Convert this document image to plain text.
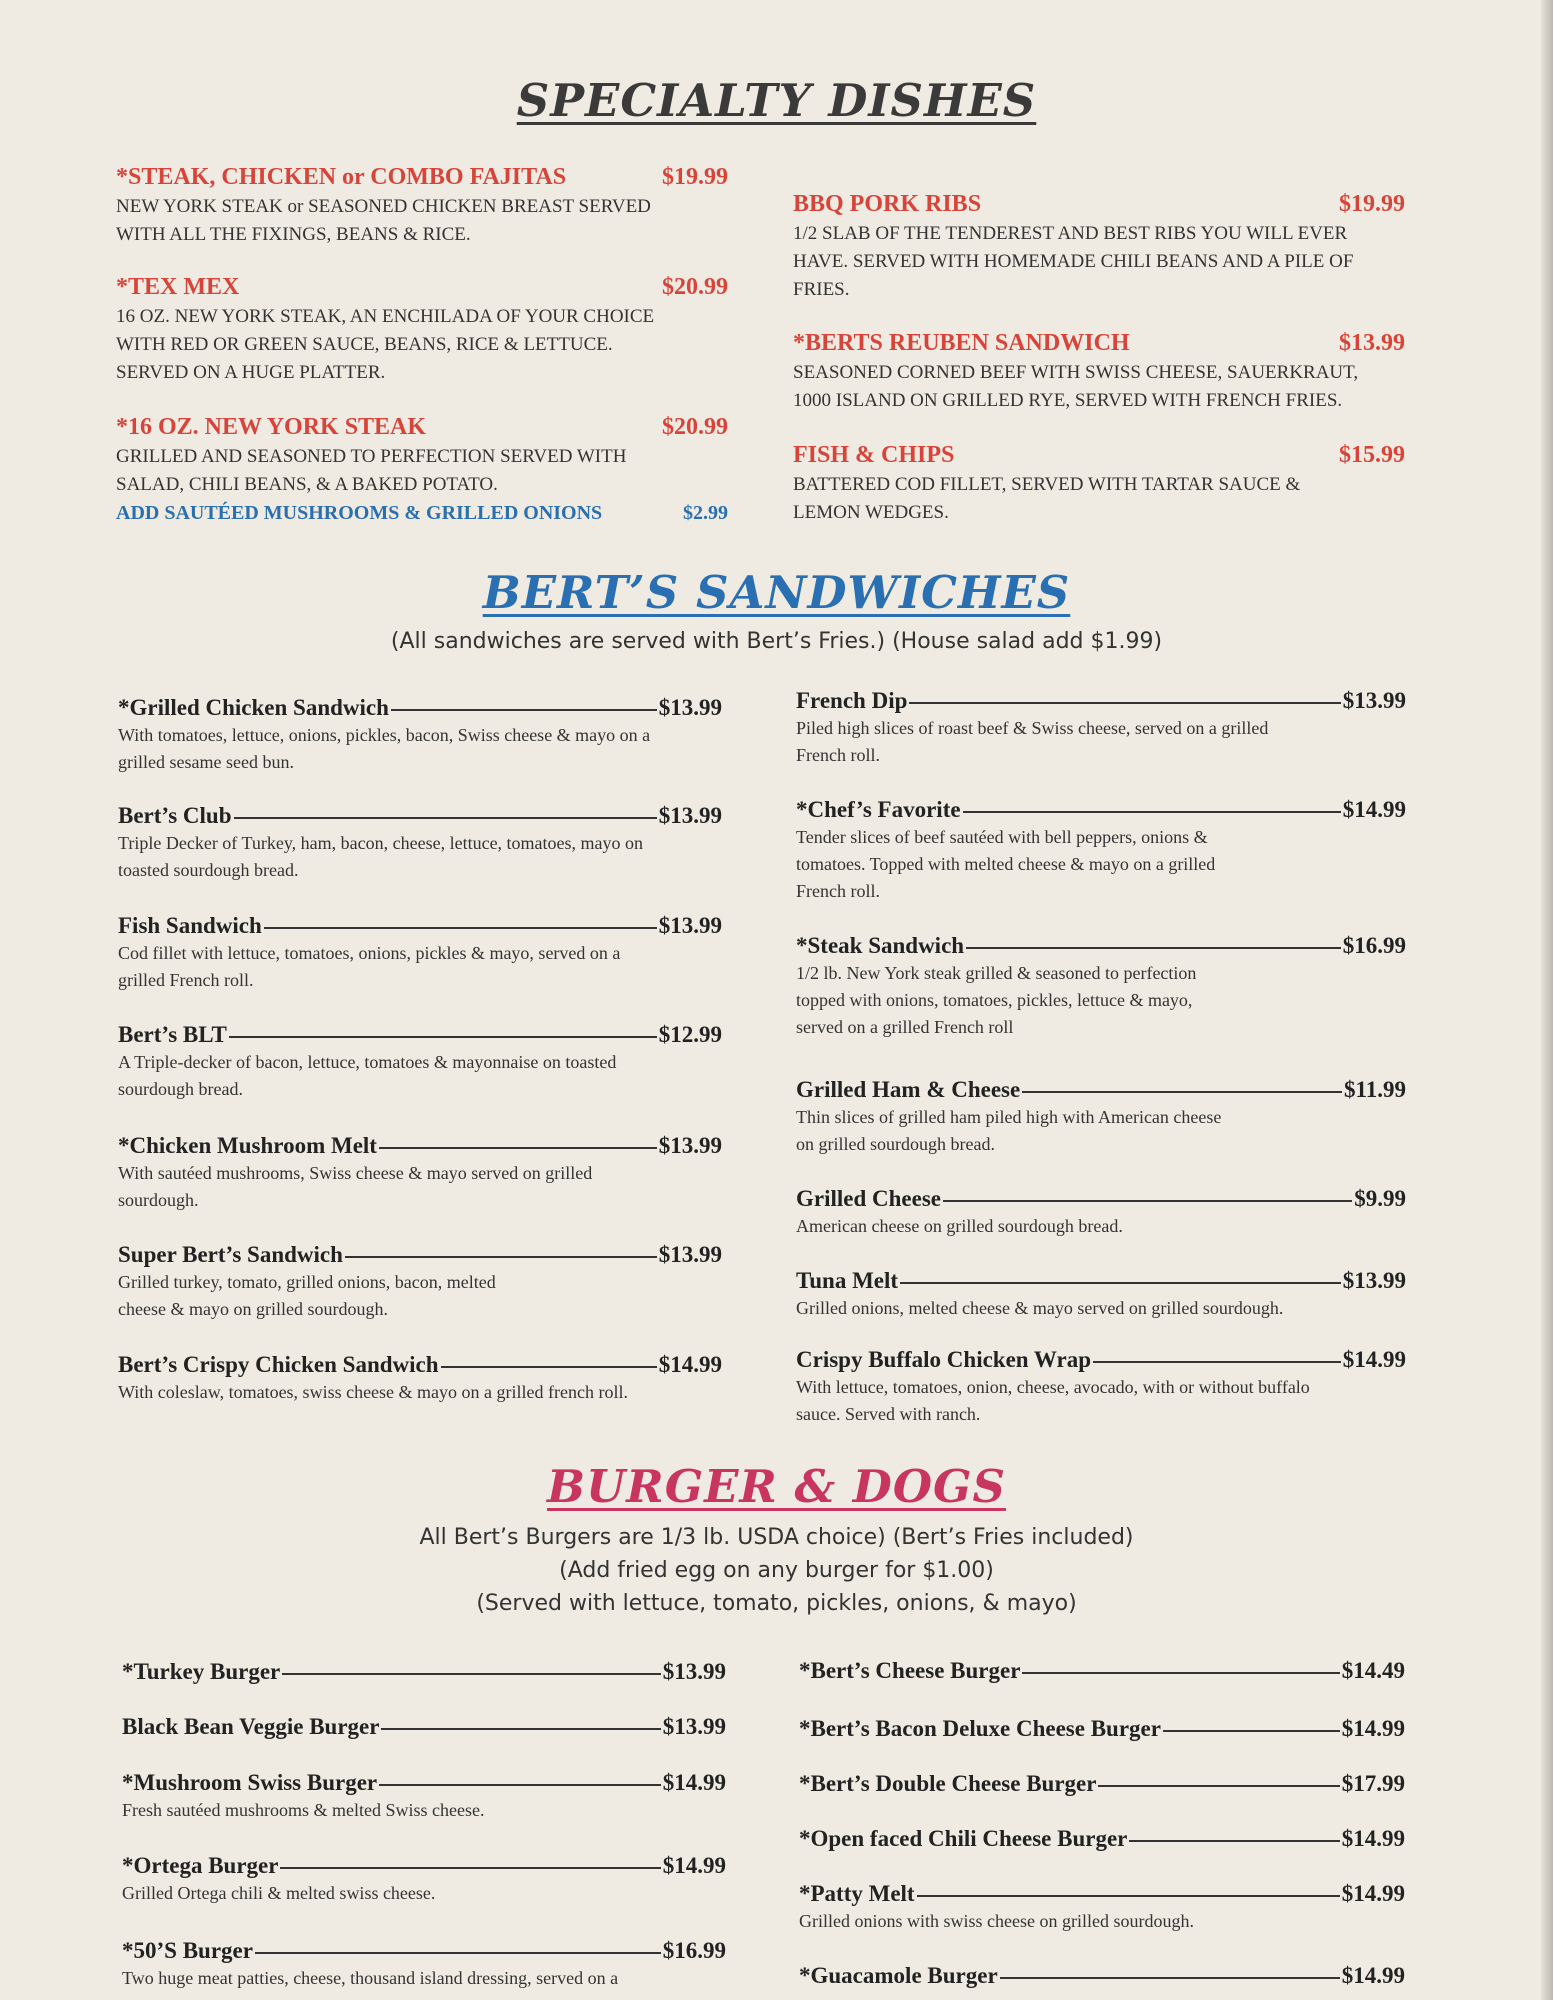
SPECIALTY DISHES
*STEAK, CHICKEN or COMBO FAJITAS	$19.99
NEW YORK STEAK or SEASONED CHICKEN BREAST SERVED
WITH ALL THE FIXINGS, BEANS & RICE.
*TEX MEX	$20.99
16 OZ. NEW YORK STEAK, AN ENCHILADA OF YOUR CHOICE
WITH RED OR GREEN SAUCE, BEANS, RICE & LETTUCE.
SERVED ON A HUGE PLATTER.
*16 OZ. NEW YORK STEAK	$20.99
GRILLED AND SEASONED TO PERFECTION SERVED WITH
SALAD, CHILI BEANS, & A BAKED POTATO.
ADD SAUTÉED MUSHROOMS & GRILLED ONIONS	$2.99
BBQ PORK RIBS	$19.99
1/2 SLAB OF THE TENDEREST AND BEST RIBS YOU WILL EVER
HAVE. SERVED WITH HOMEMADE CHILI BEANS AND A PILE OF
FRIES.
*BERTS REUBEN SANDWICH	$13.99
SEASONED CORNED BEEF WITH SWISS CHEESE, SAUERKRAUT,
1000 ISLAND ON GRILLED RYE, SERVED WITH FRENCH FRIES.
FISH & CHIPS	$15.99
BATTERED COD FILLET, SERVED WITH TARTAR SAUCE &
LEMON WEDGES.
BERT’S SANDWICHES
(All sandwiches are served with Bert’s Fries.) (House salad add $1.99)
*Grilled Chicken Sandwich	$13.99
With tomatoes, lettuce, onions, pickles, bacon, Swiss cheese & mayo on a
grilled sesame seed bun.
Bert’s Club	$13.99
Triple Decker of Turkey, ham, bacon, cheese, lettuce, tomatoes, mayo on
toasted sourdough bread.
Fish Sandwich	$13.99
Cod fillet with lettuce, tomatoes, onions, pickles & mayo, served on a
grilled French roll.
Bert’s BLT	$12.99
A Triple-decker of bacon, lettuce, tomatoes & mayonnaise on toasted
sourdough bread.
*Chicken Mushroom Melt	$13.99
With sautéed mushrooms, Swiss cheese & mayo served on grilled
sourdough.
Super Bert’s Sandwich	$13.99
Grilled turkey, tomato, grilled onions, bacon, melted
cheese & mayo on grilled sourdough.
Bert’s Crispy Chicken Sandwich	$14.99
With coleslaw, tomatoes, swiss cheese & mayo on a grilled french roll.
French Dip	$13.99
Piled high slices of roast beef & Swiss cheese, served on a grilled
French roll.
*Chef’s Favorite	$14.99
Tender slices of beef sautéed with bell peppers, onions &
tomatoes. Topped with melted cheese & mayo on a grilled
French roll.
*Steak Sandwich	$16.99
1/2 lb. New York steak grilled & seasoned to perfection
topped with onions, tomatoes, pickles, lettuce & mayo,
served on a grilled French roll
Grilled Ham & Cheese	$11.99
Thin slices of grilled ham piled high with American cheese
on grilled sourdough bread.
Grilled Cheese	$9.99
American cheese on grilled sourdough bread.
Tuna Melt	$13.99
Grilled onions, melted cheese & mayo served on grilled sourdough.
Crispy Buffalo Chicken Wrap	$14.99
With lettuce, tomatoes, onion, cheese, avocado, with or without buffalo
sauce. Served with ranch.
BURGER & DOGS
All Bert’s Burgers are 1/3 lb. USDA choice) (Bert’s Fries included)
(Add fried egg on any burger for $1.00)
(Served with lettuce, tomato, pickles, onions, & mayo)
*Turkey Burger	$13.99
Black Bean Veggie Burger	$13.99
*Mushroom Swiss Burger	$14.99
Fresh sautéed mushrooms & melted Swiss cheese.
*Ortega Burger	$14.99
Grilled Ortega chili & melted swiss cheese.
*50’S Burger	$16.99
Two huge meat patties, cheese, thousand island dressing, served on a
*Bert’s Cheese Burger	$14.49
*Bert’s Bacon Deluxe Cheese Burger	$14.99
*Bert’s Double Cheese Burger	$17.99
*Open faced Chili Cheese Burger	$14.99
*Patty Melt	$14.99
Grilled onions with swiss cheese on grilled sourdough.
*Guacamole Burger	$14.99
